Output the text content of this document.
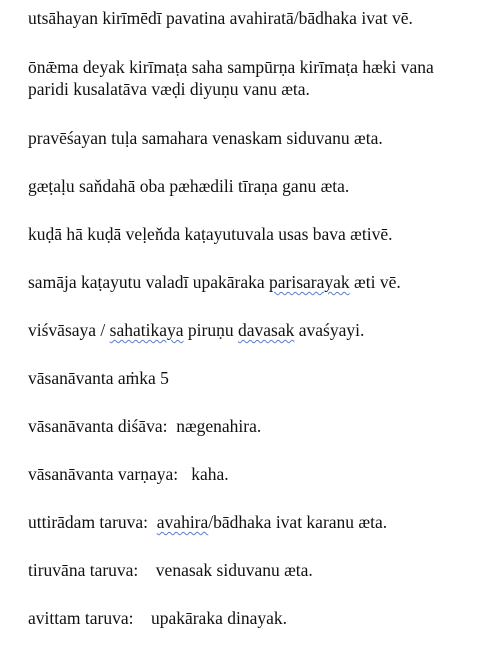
utsāhayan kirīmēdī pavatina avahiratā/bādhaka ivat vē.

ōnǣma deyak kirīmaṭa saha sampūrṇa kirīmaṭa hæki vana paridi kusalatāva væḍi diyuṇu vanu æta.

pravēśayan tuḷa samahara venaskam siduvanu æta.

gæṭaḷu saňdahā oba pæhædili tīraṇa ganu æta.

kuḍā hā kuḍā veḷeňda kaṭayutuvala usas bava ætivē.

samāja kaṭayutu valadī upakāraka parisarayak æti vē.

viśvāsaya / sahatikaya piruṇu davasak avaśyayi.

vāsanāvanta aṁka 5

vāsanāvanta diśāva:  nægenahira.

vāsanāvanta varṇaya:   kaha.

uttirādam taruva:  avahira/bādhaka ivat karanu æta.

tiruvāna taruva:    venasak siduvanu æta.

avittam taruva:    upakāraka dinayak.
